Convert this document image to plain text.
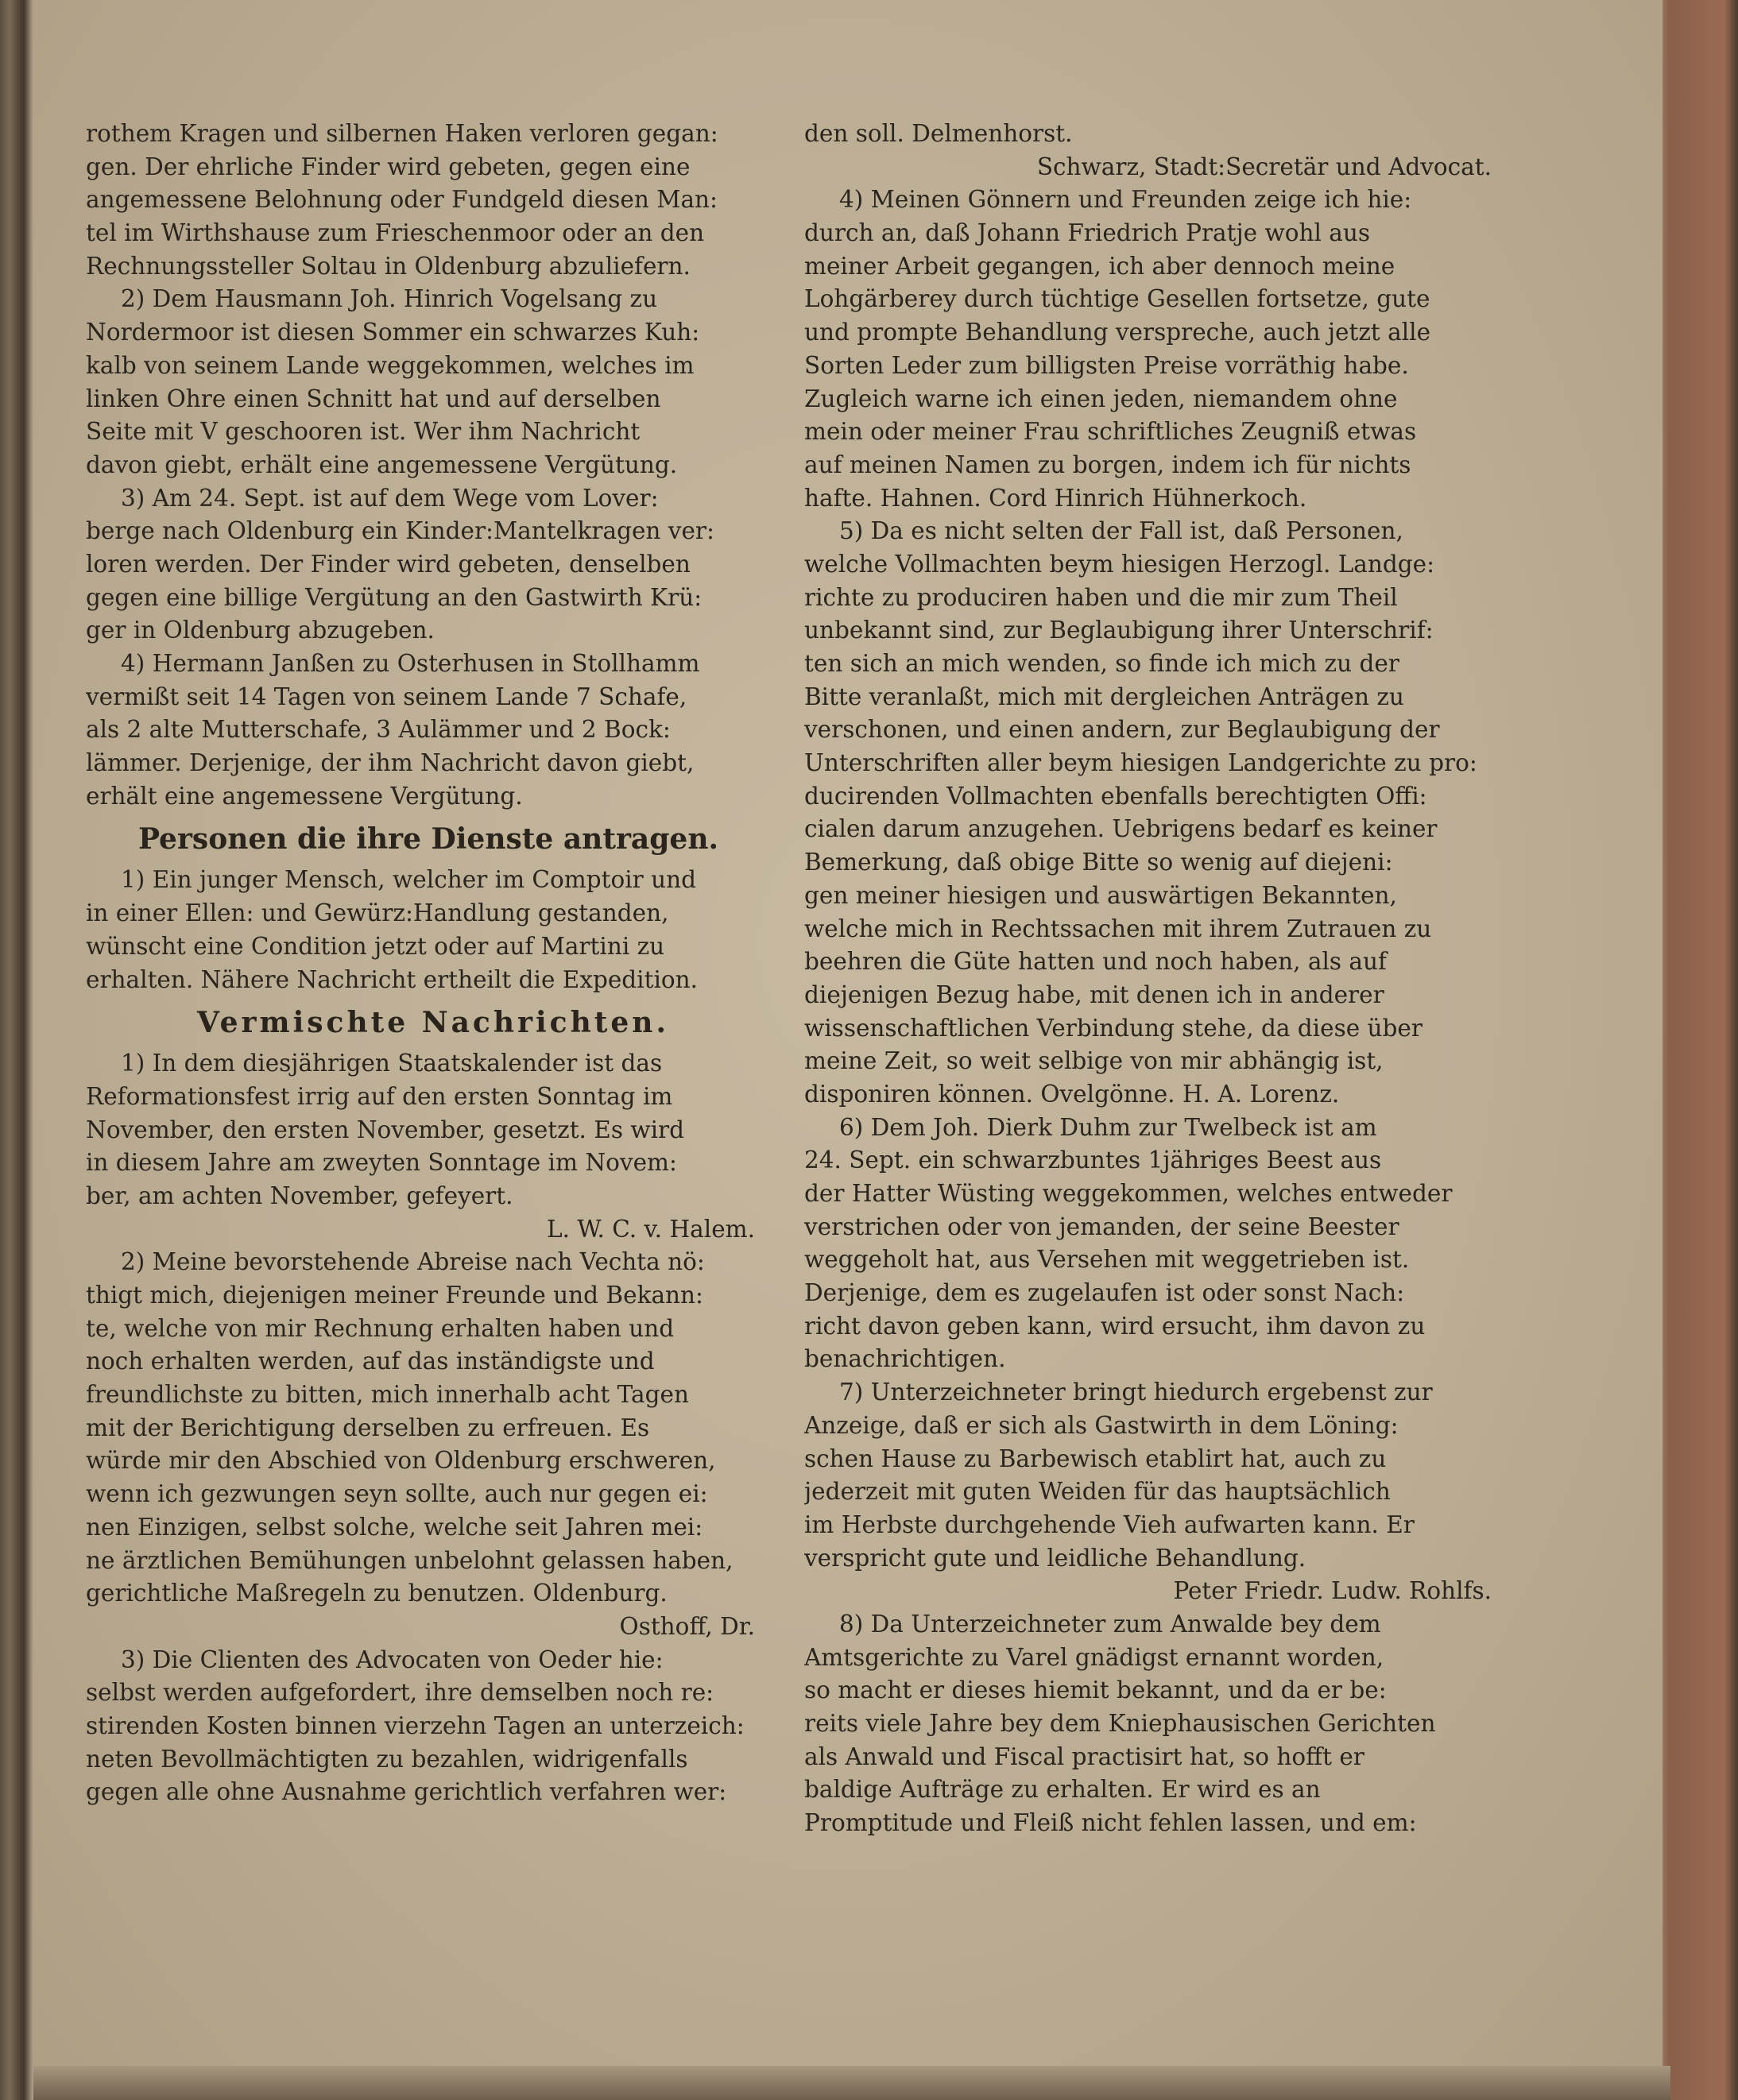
rothem Kragen und silbernen Haken verloren gegan:
gen. Der ehrliche Finder wird gebeten, gegen eine
angemessene Belohnung oder Fundgeld diesen Man:
tel im Wirthshause zum Frieschenmoor oder an den
Rechnungssteller Soltau in Oldenburg abzuliefern.
2) Dem Hausmann Joh. Hinrich Vogelsang zu
Nordermoor ist diesen Sommer ein schwarzes Kuh:
kalb von seinem Lande weggekommen, welches im
linken Ohre einen Schnitt hat und auf derselben
Seite mit V geschooren ist. Wer ihm Nachricht
davon giebt, erhält eine angemessene Vergütung.
3) Am 24. Sept. ist auf dem Wege vom Lover:
berge nach Oldenburg ein Kinder:Mantelkragen ver:
loren werden. Der Finder wird gebeten, denselben
gegen eine billige Vergütung an den Gastwirth Krü:
ger in Oldenburg abzugeben.
4) Hermann Janßen zu Osterhusen in Stollhamm
vermißt seit 14 Tagen von seinem Lande 7 Schafe,
als 2 alte Mutterschafe, 3 Aulämmer und 2 Bock:
lämmer. Derjenige, der ihm Nachricht davon giebt,
erhält eine angemessene Vergütung.
Personen die ihre Dienste antragen.
1) Ein junger Mensch, welcher im Comptoir und
in einer Ellen: und Gewürz:Handlung gestanden,
wünscht eine Condition jetzt oder auf Martini zu
erhalten. Nähere Nachricht ertheilt die Expedition.
Vermischte Nachrichten.
1) In dem diesjährigen Staatskalender ist das
Reformationsfest irrig auf den ersten Sonntag im
November, den ersten November, gesetzt. Es wird
in diesem Jahre am zweyten Sonntage im Novem:
ber, am achten November, gefeyert.
L. W. C. v. Halem.
2) Meine bevorstehende Abreise nach Vechta nö:
thigt mich, diejenigen meiner Freunde und Bekann:
te, welche von mir Rechnung erhalten haben und
noch erhalten werden, auf das inständigste und
freundlichste zu bitten, mich innerhalb acht Tagen
mit der Berichtigung derselben zu erfreuen. Es
würde mir den Abschied von Oldenburg erschweren,
wenn ich gezwungen seyn sollte, auch nur gegen ei:
nen Einzigen, selbst solche, welche seit Jahren mei:
ne ärztlichen Bemühungen unbelohnt gelassen haben,
gerichtliche Maßregeln zu benutzen. Oldenburg.
Osthoff, Dr.
3) Die Clienten des Advocaten von Oeder hie:
selbst werden aufgefordert, ihre demselben noch re:
stirenden Kosten binnen vierzehn Tagen an unterzeich:
neten Bevollmächtigten zu bezahlen, widrigenfalls
gegen alle ohne Ausnahme gerichtlich verfahren wer:
den soll. Delmenhorst.
Schwarz, Stadt:Secretär und Advocat.
4) Meinen Gönnern und Freunden zeige ich hie:
durch an, daß Johann Friedrich Pratje wohl aus
meiner Arbeit gegangen, ich aber dennoch meine
Lohgärberey durch tüchtige Gesellen fortsetze, gute
und prompte Behandlung verspreche, auch jetzt alle
Sorten Leder zum billigsten Preise vorräthig habe.
Zugleich warne ich einen jeden, niemandem ohne
mein oder meiner Frau schriftliches Zeugniß etwas
auf meinen Namen zu borgen, indem ich für nichts
hafte. Hahnen. Cord Hinrich Hühnerkoch.
5) Da es nicht selten der Fall ist, daß Personen,
welche Vollmachten beym hiesigen Herzogl. Landge:
richte zu produciren haben und die mir zum Theil
unbekannt sind, zur Beglaubigung ihrer Unterschrif:
ten sich an mich wenden, so finde ich mich zu der
Bitte veranlaßt, mich mit dergleichen Anträgen zu
verschonen, und einen andern, zur Beglaubigung der
Unterschriften aller beym hiesigen Landgerichte zu pro:
ducirenden Vollmachten ebenfalls berechtigten Offi:
cialen darum anzugehen. Uebrigens bedarf es keiner
Bemerkung, daß obige Bitte so wenig auf diejeni:
gen meiner hiesigen und auswärtigen Bekannten,
welche mich in Rechtssachen mit ihrem Zutrauen zu
beehren die Güte hatten und noch haben, als auf
diejenigen Bezug habe, mit denen ich in anderer
wissenschaftlichen Verbindung stehe, da diese über
meine Zeit, so weit selbige von mir abhängig ist,
disponiren können. Ovelgönne. H. A. Lorenz.
6) Dem Joh. Dierk Duhm zur Twelbeck ist am
24. Sept. ein schwarzbuntes 1jähriges Beest aus
der Hatter Wüsting weggekommen, welches entweder
verstrichen oder von jemanden, der seine Beester
weggeholt hat, aus Versehen mit weggetrieben ist.
Derjenige, dem es zugelaufen ist oder sonst Nach:
richt davon geben kann, wird ersucht, ihm davon zu
benachrichtigen.
7) Unterzeichneter bringt hiedurch ergebenst zur
Anzeige, daß er sich als Gastwirth in dem Löning:
schen Hause zu Barbewisch etablirt hat, auch zu
jederzeit mit guten Weiden für das hauptsächlich
im Herbste durchgehende Vieh aufwarten kann. Er
verspricht gute und leidliche Behandlung.
Peter Friedr. Ludw. Rohlfs.
8) Da Unterzeichneter zum Anwalde bey dem
Amtsgerichte zu Varel gnädigst ernannt worden,
so macht er dieses hiemit bekannt, und da er be:
reits viele Jahre bey dem Kniephausischen Gerichten
als Anwald und Fiscal practisirt hat, so hofft er
baldige Aufträge zu erhalten. Er wird es an
Promptitude und Fleiß nicht fehlen lassen, und em:
